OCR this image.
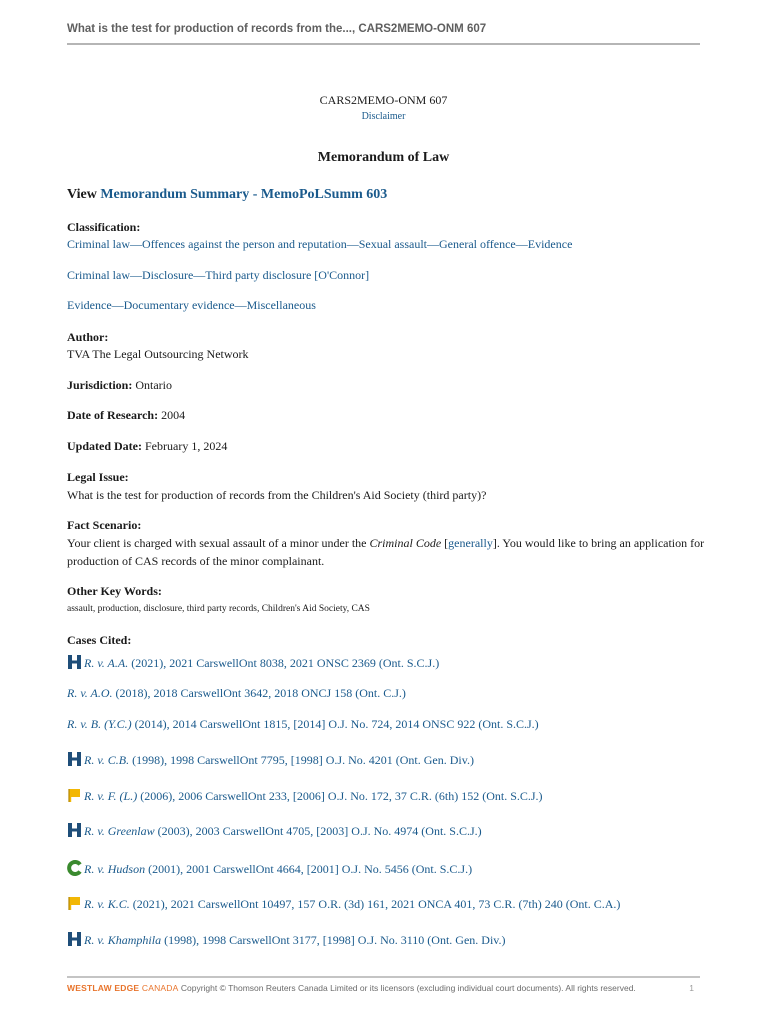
What is the test for production of records from the..., CARS2MEMO-ONM 607
CARS2MEMO-ONM 607
Disclaimer
Memorandum of Law
View Memorandum Summary - MemoPoLSumm 603
Classification:
Criminal law—Offences against the person and reputation—Sexual assault—General offence—Evidence
Criminal law—Disclosure—Third party disclosure [O'Connor]
Evidence—Documentary evidence—Miscellaneous
Author:
TVA The Legal Outsourcing Network
Jurisdiction: Ontario
Date of Research: 2004
Updated Date: February 1, 2024
Legal Issue:
What is the test for production of records from the Children's Aid Society (third party)?
Fact Scenario:
Your client is charged with sexual assault of a minor under the Criminal Code [generally]. You would like to bring an application for production of CAS records of the minor complainant.
Other Key Words:
assault, production, disclosure, third party records, Children's Aid Society, CAS
Cases Cited:
R. v. A.A. (2021), 2021 CarswellOnt 8038, 2021 ONSC 2369 (Ont. S.C.J.)
R. v. A.O. (2018), 2018 CarswellOnt 3642, 2018 ONCJ 158 (Ont. C.J.)
R. v. B. (Y.C.) (2014), 2014 CarswellOnt 1815, [2014] O.J. No. 724, 2014 ONSC 922 (Ont. S.C.J.)
R. v. C.B. (1998), 1998 CarswellOnt 7795, [1998] O.J. No. 4201 (Ont. Gen. Div.)
R. v. F. (L.) (2006), 2006 CarswellOnt 233, [2006] O.J. No. 172, 37 C.R. (6th) 152 (Ont. S.C.J.)
R. v. Greenlaw (2003), 2003 CarswellOnt 4705, [2003] O.J. No. 4974 (Ont. S.C.J.)
R. v. Hudson (2001), 2001 CarswellOnt 4664, [2001] O.J. No. 5456 (Ont. S.C.J.)
R. v. K.C. (2021), 2021 CarswellOnt 10497, 157 O.R. (3d) 161, 2021 ONCA 401, 73 C.R. (7th) 240 (Ont. C.A.)
R. v. Khamphila (1998), 1998 CarswellOnt 3177, [1998] O.J. No. 3110 (Ont. Gen. Div.)
WESTLAW EDGE CANADA Copyright © Thomson Reuters Canada Limited or its licensors (excluding individual court documents). All rights reserved.	1
